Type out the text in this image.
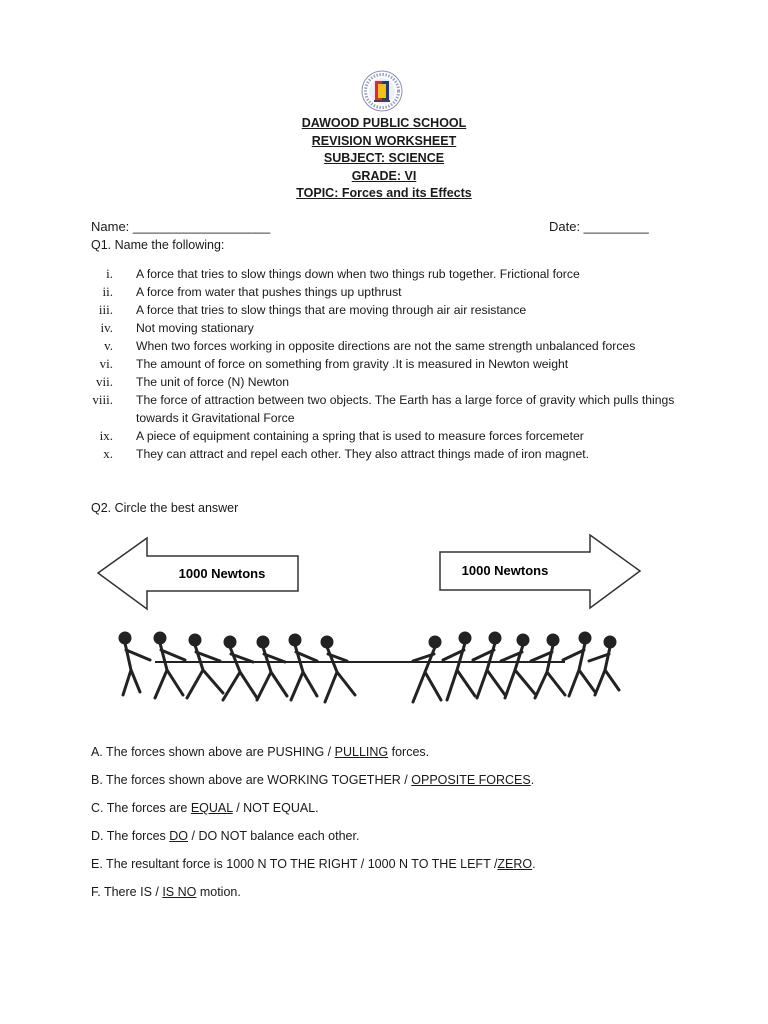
DAWOOD PUBLIC SCHOOL
REVISION WORKSHEET
SUBJECT: SCIENCE
GRADE: VI
TOPIC: Forces and its Effects
Name: ___________________	Date: _________
Q1. Name the following:
i. A force that tries to slow things down when two things rub together. Frictional force
ii. A force from water that pushes things up upthrust
iii. A force that tries to slow things that are moving through air air resistance
iv. Not moving stationary
v. When two forces working in opposite directions are not the same strength unbalanced forces
vi. The amount of force on something from gravity .It is measured in Newton weight
vii. The unit of force (N) Newton
viii. The force of attraction between two objects. The Earth has a large force of gravity which pulls things towards it Gravitational Force
ix. A piece of equipment containing a spring that is used to measure forces forcemeter
x. They can attract and repel each other. They also attract things made of iron magnet.
Q2. Circle the best answer
1000 Newtons	1000 Newtons
A. The forces shown above are PUSHING / PULLING forces.
B. The forces shown above are WORKING TOGETHER / OPPOSITE FORCES.
C. The forces are EQUAL / NOT EQUAL.
D. The forces DO / DO NOT balance each other.
E. The resultant force is 1000 N TO THE RIGHT / 1000 N TO THE LEFT /ZERO.
F. There IS / IS NO motion.
